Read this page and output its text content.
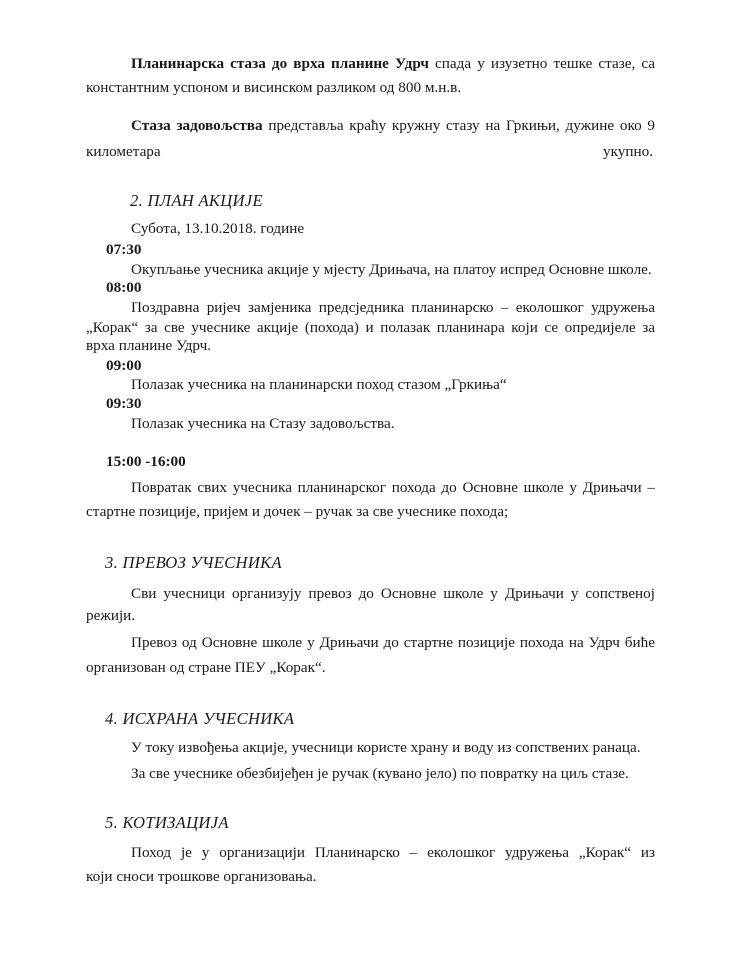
Планинарска стаза до врха планине Удрч спада у изузетно тешке стазе, са
константним успоном и висинском разликом од 800 м.н.в.
Стаза задовољства представља краћу кружну стазу на Гркињи, дужине око 9
километара	укупно.
2. ПЛАН АКЦИЈЕ
Субота, 13.10.2018. године
07:30
Окупљање учесника акције у мјесту Дрињача, на платоу испред Основне школе.
08:00
Поздравна ријеч замјеника предсједника планинарско – еколошког удружења
„Корак“ за све учеснике акције (похода) и полазак планинара који се опредијеле за
врха планине Удрч.
09:00
Полазак учесника на планинарски поход стазом „Гркиња“
09:30
Полазак учесника на Стазу задовољства.
15:00 -16:00
Повратак свих учесника планинарског похода до Основне школе у Дрињачи –
стартне позиције, пријем и дочек – ручак за све учеснике похода;
3. ПРЕВОЗ УЧЕСНИКА
Сви учесници организују превоз до Основне школе у Дрињачи у сопственој
режији.
Превоз од Основне школе у Дрињачи до стартне позиције похода на Удрч биће
организован од стране ПЕУ „Корак“.
4. ИСХРАНА УЧЕСНИКА
У току извођења акције, учесници користе храну и воду из сопствених ранаца.
За све учеснике обезбијеђен је ручак (кувано јело) по повратку на циљ стазе.
5. КОТИЗАЦИЈА
Поход је у организацији Планинарско – еколошког удружења „Корак“ из
који сноси трошкове организовања.
